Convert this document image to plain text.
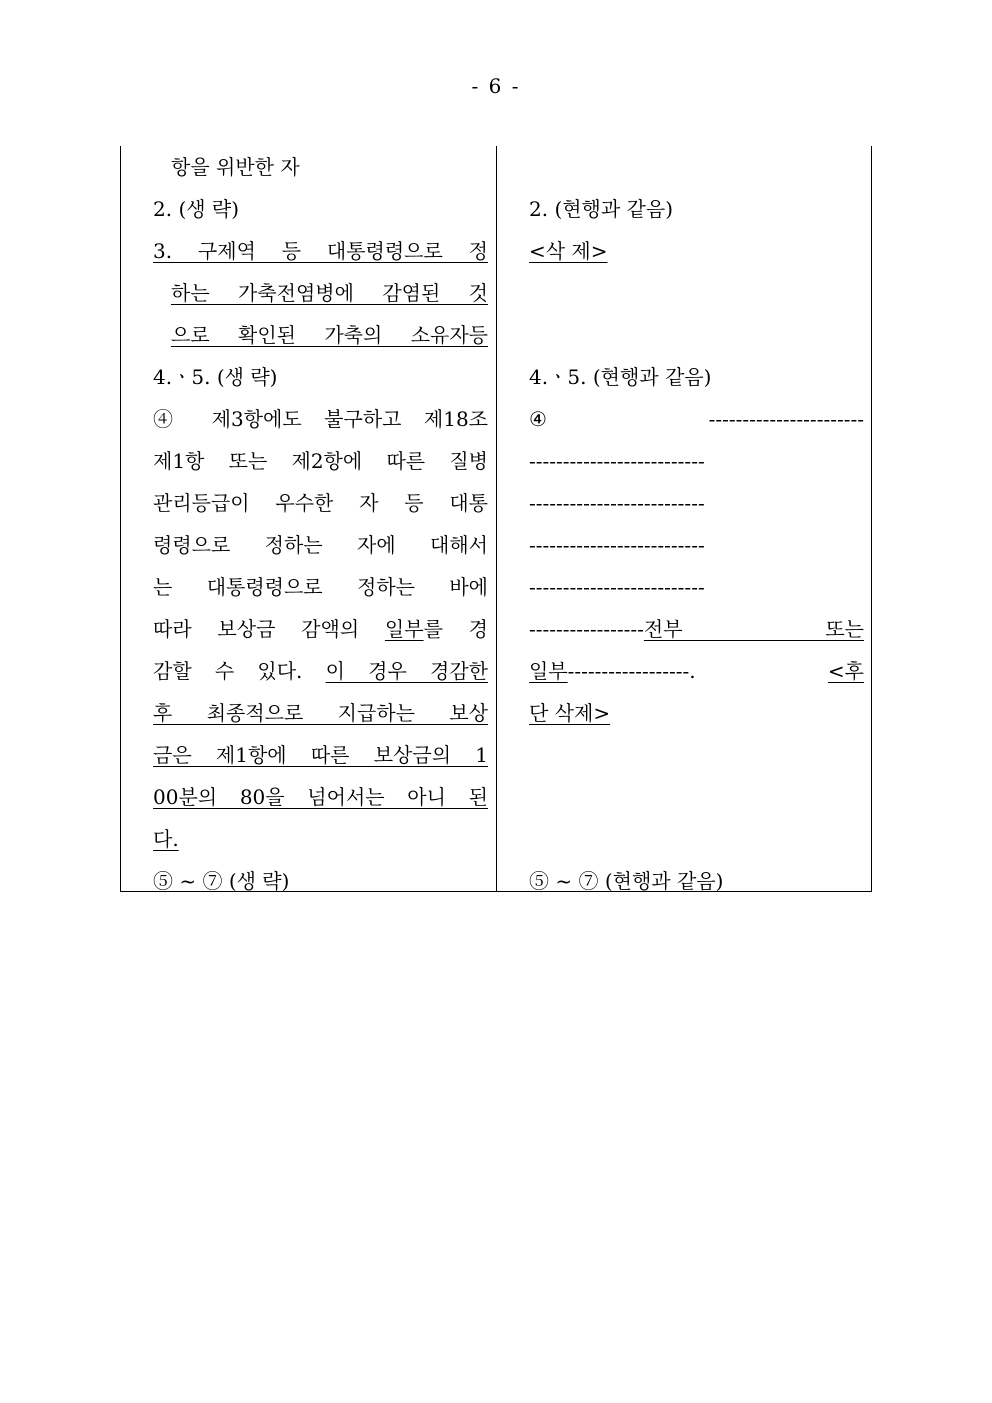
- 6 -
항을 위반한 자
2. (생 략)
3. 구제역 등 대통령령으로 정
하는 가축전염병에 감염된 것
으로 확인된 가축의 소유자등
4.ㆍ5. (생 략)
④ 제3항에도 불구하고 제18조
제1항 또는 제2항에 따른 질병
관리등급이 우수한 자 등 대통
령령으로 정하는 자에 대해서
는 대통령령으로 정하는 바에
따라 보상금 감액의 일부를 경
감할 수 있다. 이 경우 경감한
후 최종적으로 지급하는 보상
금은 제1항에 따른 보상금의 1
00분의 80을 넘어서는 아니 된
다.
⑤ ~ ⑦ (생 략)
2. (현행과 같음)
<삭 제>
4.ㆍ5. (현행과 같음)
④	-----------------------
--------------------------
--------------------------
--------------------------
--------------------------
-----------------전부 또는
일부------------------.	<후
단 삭제>
⑤ ~ ⑦ (현행과 같음)
